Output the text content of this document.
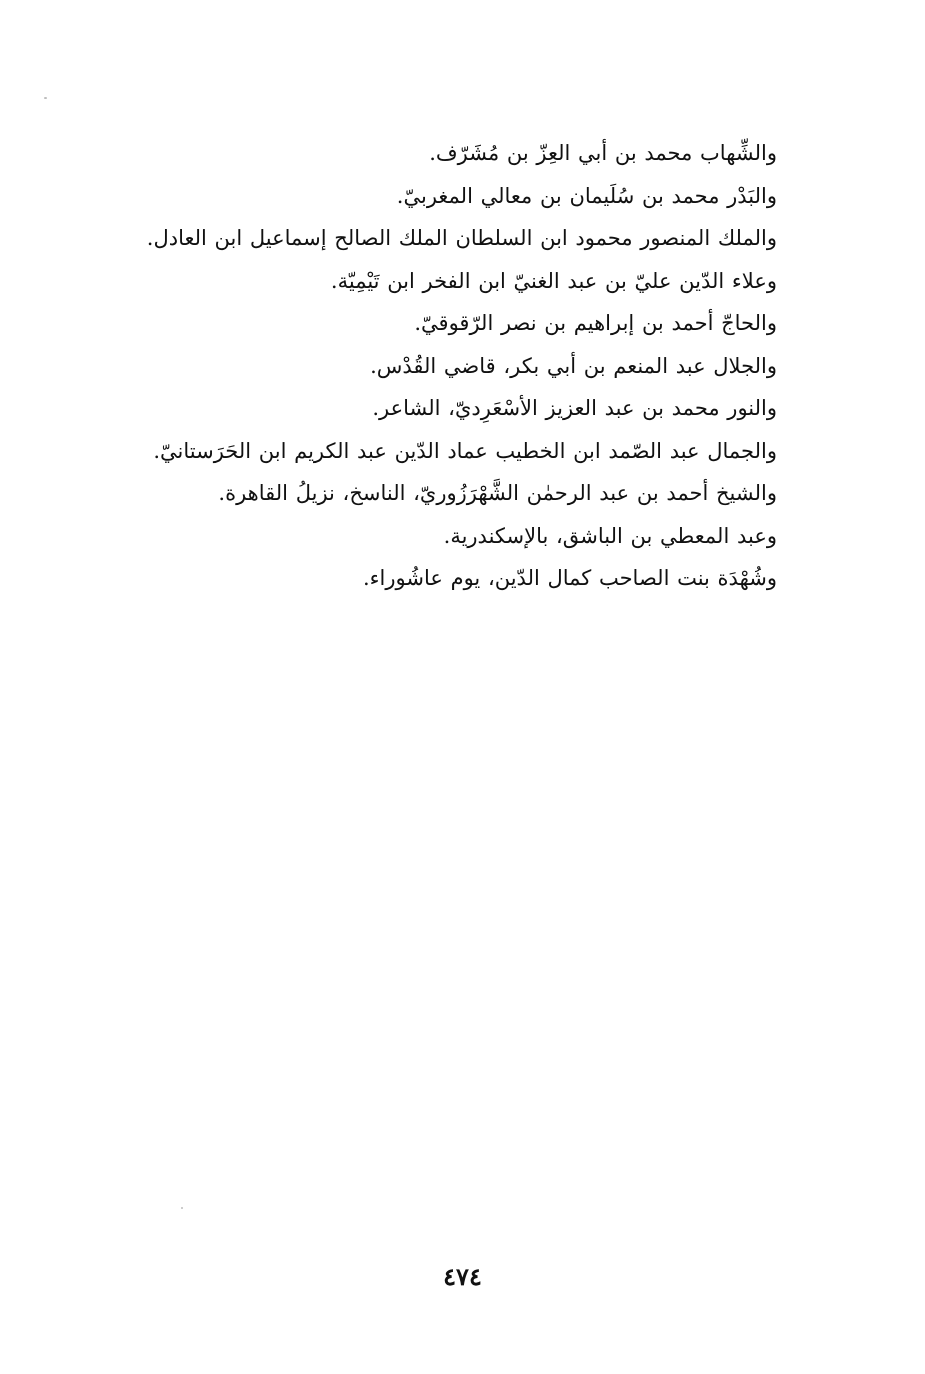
والشِّهاب محمد بن أبي العِزّ بن مُشَرّف.

والبَدْر محمد بن سُلَيمان بن معالي المغربيّ.

والملك المنصور محمود ابن السلطان الملك الصالح إسماعيل ابن العادل.

وعلاء الدّين عليّ بن عبد الغنيّ ابن الفخر ابن تَيْمِيّة.

والحاجّ أحمد بن إبراهيم بن نصر الرّقوقيّ.

والجلال عبد المنعم بن أبي بكر، قاضي القُدْس.

والنور محمد بن عبد العزيز الأسْعَرِديّ، الشاعر.

والجمال عبد الصّمد ابن الخطيب عماد الدّين عبد الكريم ابن الحَرَستانيّ.

والشيخ أحمد بن عبد الرحمٰن الشَّهْرَزُوريّ، الناسخ، نزيلُ القاهرة.

وعبد المعطي بن الباشق، بالإسكندرية.

وشُهْدَة بنت الصاحب كمال الدّين، يوم عاشُوراء.

٤٧٤
